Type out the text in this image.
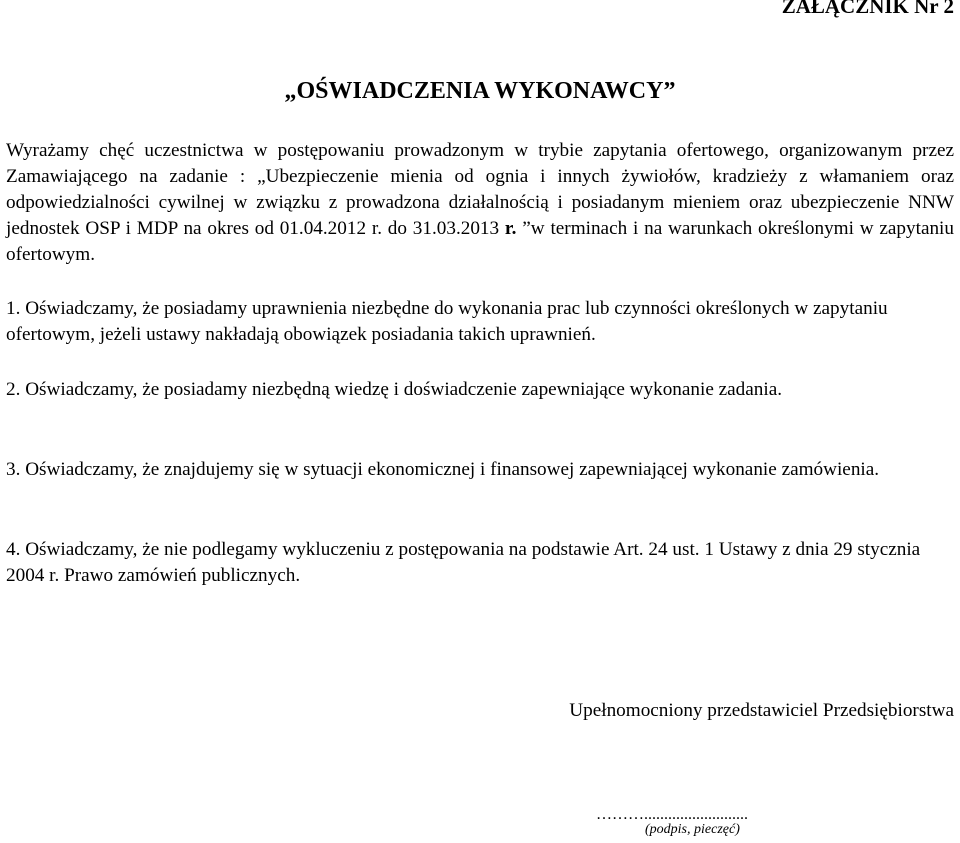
ZAŁĄCZNIK Nr 2
„OŚWIADCZENIA WYKONAWCY”

Wyrażamy chęć uczestnictwa w postępowaniu prowadzonym w trybie zapytania ofertowego, organizowanym przez Zamawiającego na zadanie : „Ubezpieczenie mienia od ognia i innych żywiołów, kradzieży z włamaniem oraz odpowiedzialności cywilnej w związku z prowadzona działalnością i posiadanym mieniem oraz ubezpieczenie NNW jednostek OSP i MDP na okres od 01.04.2012 r. do 31.03.2013 r. ”w terminach i na warunkach określonymi w zapytaniu ofertowym.

1. Oświadczamy, że posiadamy uprawnienia niezbędne do wykonania prac lub czynności określonych w zapytaniu ofertowym, jeżeli ustawy nakładają obowiązek posiadania takich uprawnień.

2. Oświadczamy, że posiadamy niezbędną wiedzę i doświadczenie zapewniające wykonanie zadania.

3. Oświadczamy, że znajdujemy się w sytuacji ekonomicznej i finansowej zapewniającej wykonanie zamówienia.

4. Oświadczamy, że nie podlegamy wykluczeniu z postępowania na podstawie Art. 24 ust. 1 Ustawy z dnia 29 stycznia 2004 r. Prawo zamówień publicznych.

Upełnomocniony przedstawiciel Przedsiębiorstwa
………..........................
(podpis, pieczęć)
